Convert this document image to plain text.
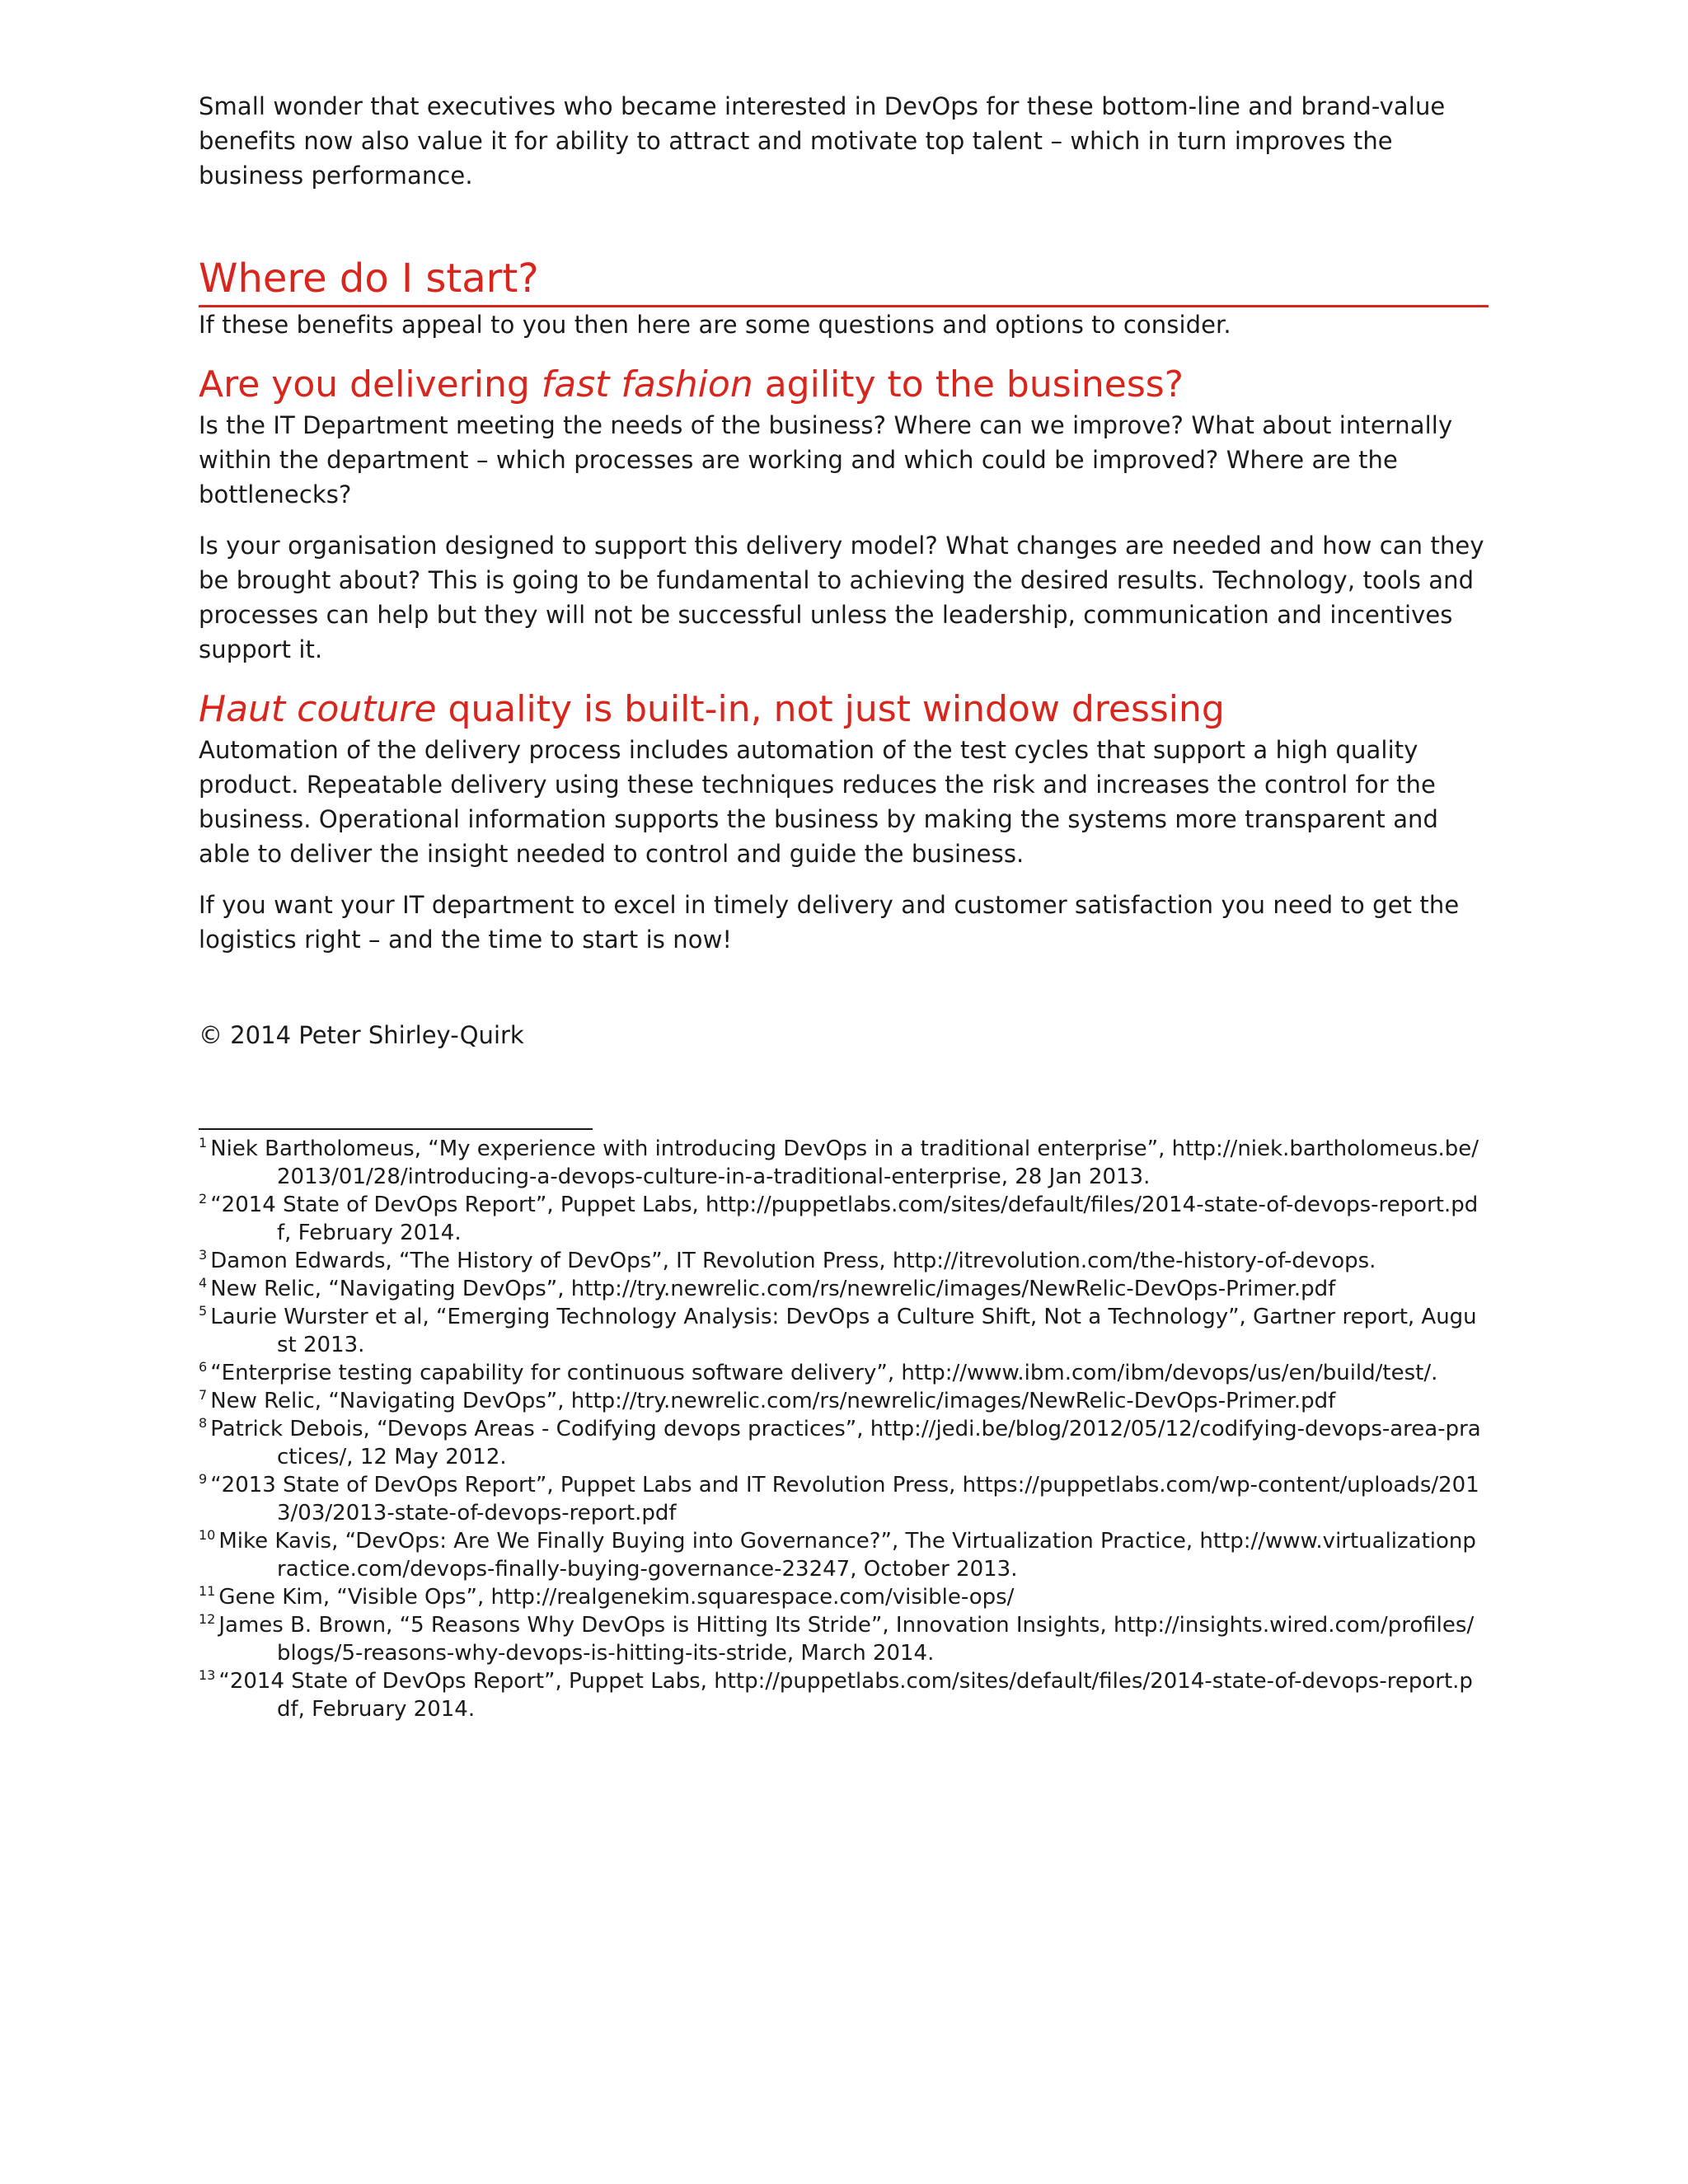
Small wonder that executives who became interested in DevOps for these bottom-line and brand-value benefits now also value it for ability to attract and motivate top talent – which in turn improves the business performance.

Where do I start?

If these benefits appeal to you then here are some questions and options to consider.

Are you delivering fast fashion agility to the business?

Is the IT Department meeting the needs of the business? Where can we improve? What about internally within the department – which processes are working and which could be improved? Where are the bottlenecks?

Is your organisation designed to support this delivery model? What changes are needed and how can they be brought about? This is going to be fundamental to achieving the desired results. Technology, tools and processes can help but they will not be successful unless the leadership, communication and incentives support it.

Haut couture quality is built-in, not just window dressing

Automation of the delivery process includes automation of the test cycles that support a high quality product. Repeatable delivery using these techniques reduces the risk and increases the control for the business. Operational information supports the business by making the systems more transparent and able to deliver the insight needed to control and guide the business.

If you want your IT department to excel in timely delivery and customer satisfaction you need to get the logistics right – and the time to start is now!

© 2014 Peter Shirley-Quirk

$^1$ Niek Bartholomeus, “My experience with introducing DevOps in a traditional enterprise”, http://niek.bartholomeus.be/2013/01/28/introducing-a-devops-culture-in-a-traditional-enterprise, 28 Jan 2013.

$^2$ “2014 State of DevOps Report”, Puppet Labs, http://puppetlabs.com/sites/default/files/2014-state-of-devops-report.pdf, February 2014.

$^3$ Damon Edwards, “The History of DevOps”, IT Revolution Press, http://itrevolution.com/the-history-of-devops.

$^4$ New Relic, “Navigating DevOps”, http://try.newrelic.com/rs/newrelic/images/NewRelic-DevOps-Primer.pdf

$^5$ Laurie Wurster et al, “Emerging Technology Analysis: DevOps a Culture Shift, Not a Technology”, Gartner report, August 2013.

$^6$ “Enterprise testing capability for continuous software delivery”, http://www.ibm.com/ibm/devops/us/en/build/test/.

$^7$ New Relic, “Navigating DevOps”, http://try.newrelic.com/rs/newrelic/images/NewRelic-DevOps-Primer.pdf

$^8$ Patrick Debois, “Devops Areas - Codifying devops practices”, http://jedi.be/blog/2012/05/12/codifying-devops-area-practices/, 12 May 2012.

$^9$ “2013 State of DevOps Report”, Puppet Labs and IT Revolution Press, https://puppetlabs.com/wp-content/uploads/2013/03/2013-state-of-devops-report.pdf

$^{10}$ Mike Kavis, “DevOps: Are We Finally Buying into Governance?”, The Virtualization Practice, http://www.virtualizationpractice.com/devops-finally-buying-governance-23247, October 2013.

$^{11}$ Gene Kim, “Visible Ops”, http://realgenekim.squarespace.com/visible-ops/

$^{12}$ James B. Brown, “5 Reasons Why DevOps is Hitting Its Stride”, Innovation Insights, http://insights.wired.com/profiles/blogs/5-reasons-why-devops-is-hitting-its-stride, March 2014.

$^{13}$ “2014 State of DevOps Report”, Puppet Labs, http://puppetlabs.com/sites/default/files/2014-state-of-devops-report.pdf, February 2014.
